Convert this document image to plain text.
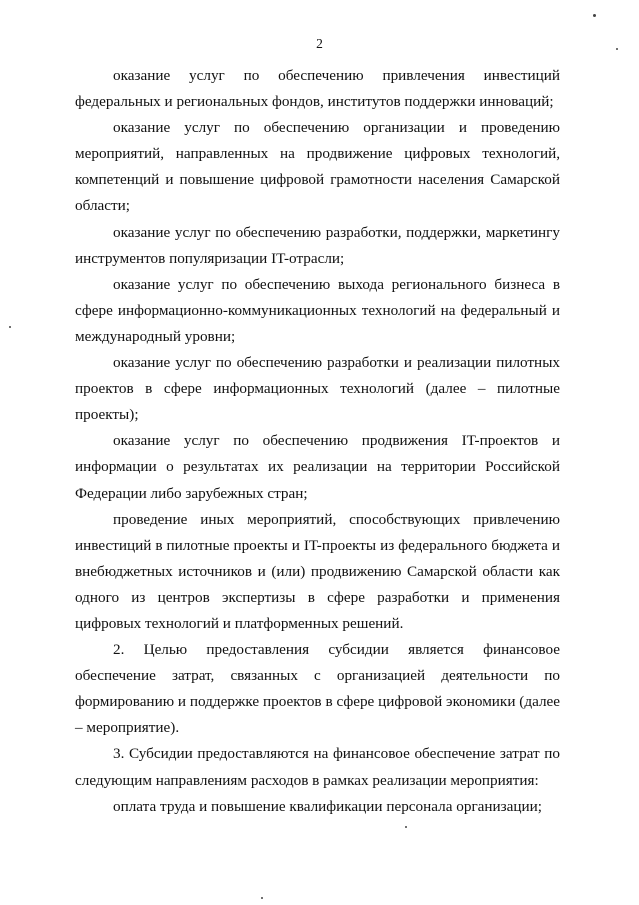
2

оказание услуг по обеспечению привлечения инвестиций федеральных и региональных фондов, институтов поддержки инноваций;

оказание услуг по обеспечению организации и проведению мероприятий, направленных на продвижение цифровых технологий, компетенций и повышение цифровой грамотности населения Самарской области;

оказание услуг по обеспечению разработки, поддержки, маркетингу инструментов популяризации IT-отрасли;

оказание услуг по обеспечению выхода регионального бизнеса в сфере информационно-коммуникационных технологий на федеральный и международный уровни;

оказание услуг по обеспечению разработки и реализации пилотных проектов в сфере информационных технологий (далее – пилотные проекты);

оказание услуг по обеспечению продвижения IT-проектов и информации о результатах их реализации на территории Российской Федерации либо зарубежных стран;

проведение иных мероприятий, способствующих привлечению инвестиций в пилотные проекты и IT-проекты из федерального бюджета и внебюджетных источников и (или) продвижению Самарской области как одного из центров экспертизы в сфере разработки и применения цифровых технологий и платформенных решений.

2. Целью предоставления субсидии является финансовое обеспечение затрат, связанных с организацией деятельности по формированию и поддержке проектов в сфере цифровой экономики (далее – мероприятие).

3. Субсидии предоставляются на финансовое обеспечение затрат по следующим направлениям расходов в рамках реализации мероприятия:

оплата труда и повышение квалификации персонала организации;
